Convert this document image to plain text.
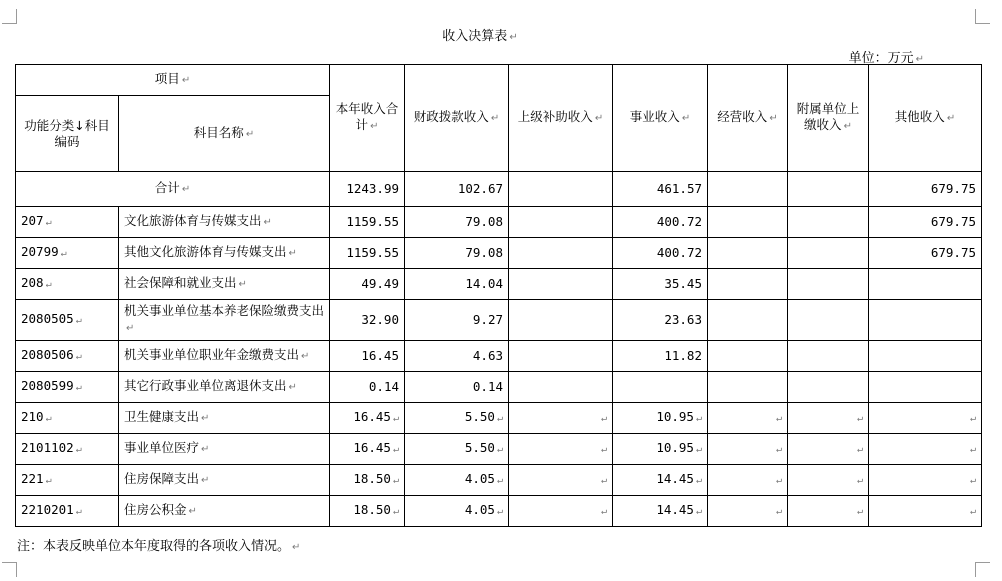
收入决算表 ↵
单位：万元 ↵
项目 ↵		本年收入合计 ↵	财政拨款收入 ↵	上级补助收入 ↵	事业收入 ↵	经营收入 ↵	附属单位上缴收入 ↵	其他收入 ↵
功能分类↓科目编码	科目名称 ↵							
合计 ↵		1243.99	102.67		461.57			679.75
207 ↵	文化旅游体育与传媒支出 ↵	1159.55	79.08		400.72			679.75
20799 ↵	其他文化旅游体育与传媒支出 ↵	1159.55	79.08		400.72			679.75
208 ↵	社会保障和就业支出 ↵	49.49	14.04		35.45			
2080505 ↵	机关事业单位基本养老保险缴费支出↵	32.90	9.27		23.63			
2080506 ↵	机关事业单位职业年金缴费支出 ↵	16.45	4.63		11.82			
2080599 ↵	其它行政事业单位离退休支出 ↵	0.14	0.14					
210 ↵	卫生健康支出 ↵	16.45 ↵	5.50 ↵	↵	10.95 ↵	↵	↵	↵
2101102 ↵	事业单位医疗 ↵	16.45 ↵	5.50 ↵	↵	10.95 ↵	↵	↵	↵
221 ↵	住房保障支出 ↵	18.50 ↵	4.05 ↵	↵	14.45 ↵	↵	↵	↵
2210201 ↵	住房公积金 ↵	18.50 ↵	4.05 ↵	↵	14.45 ↵	↵	↵	↵
注：本表反映单位本年度取得的各项收入情况。 ↵
